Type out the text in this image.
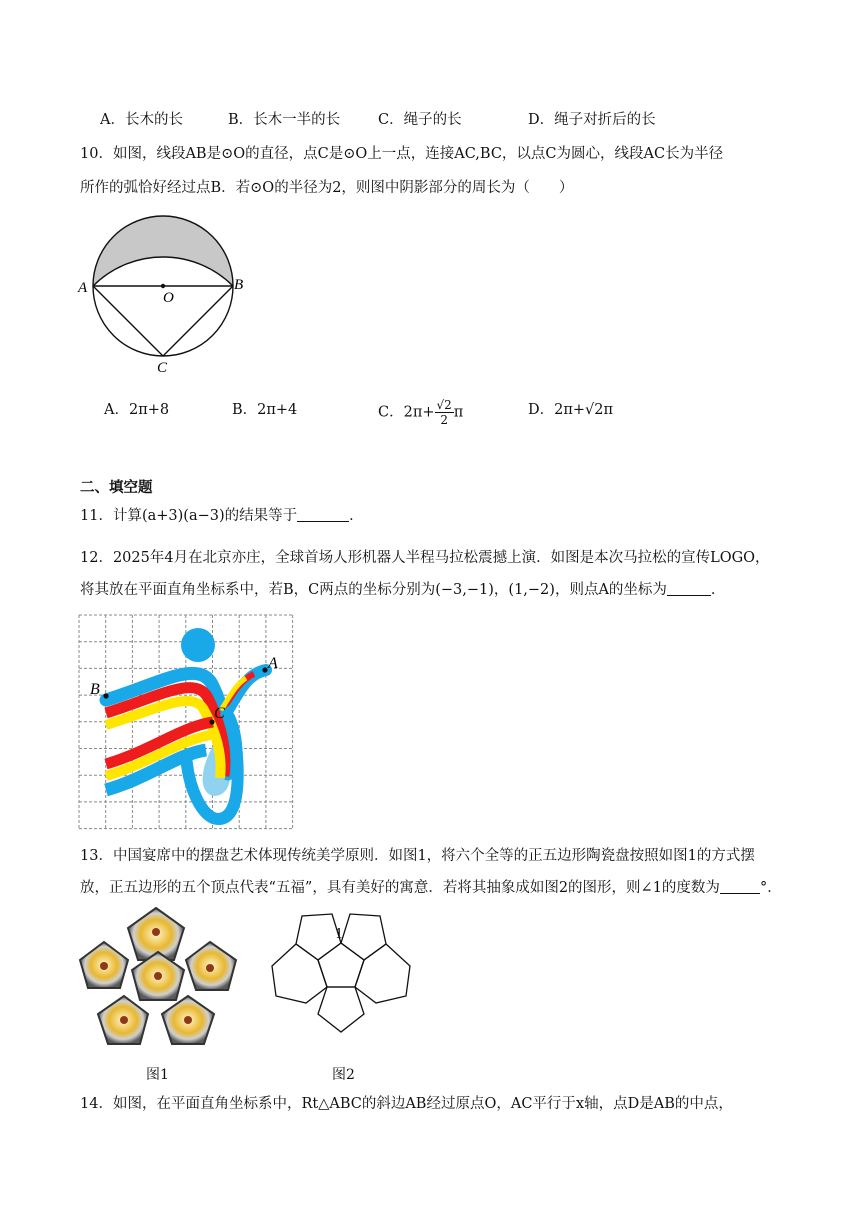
A．长木的长	B．长木一半的长	C．绳子的长	D．绳子对折后的长
10．如图，线段AB是⊙O的直径，点C是⊙O上一点，连接AC,BC，以点C为圆心，线段AC长为半径
所作的弧恰好经过点B．若⊙O的半径为2，则图中阴影部分的周长为（　　）
A	B
O
C
A．2π+8	B．2π+4	C．$2\pi+ \frac{√2}{2}$ π	D．2π+√2π
二、填空题
11．计算(a+3)(a−3)的结果等于	．
12．2025年4月在北京亦庄，全球首场人形机器人半程马拉松震撼上演．如图是本次马拉松的宣传LOGO，
将其放在平面直角坐标系中，若B，C两点的坐标分别为(−3,−1)，(1,−2)，则点A的坐标为	．
B
A
C
13．中国宴席中的摆盘艺术体现传统美学原则．如图1，将六个全等的正五边形陶瓷盘按照如图1的方式摆
放，正五边形的五个顶点代表“五福”，具有美好的寓意．若将其抽象成如图2的图形，则∠1的度数为	°．
图1
1
图2
14．如图，在平面直角坐标系中，Rt△ABC的斜边AB经过原点O，AC平行于x轴，点D是AB的中点，
